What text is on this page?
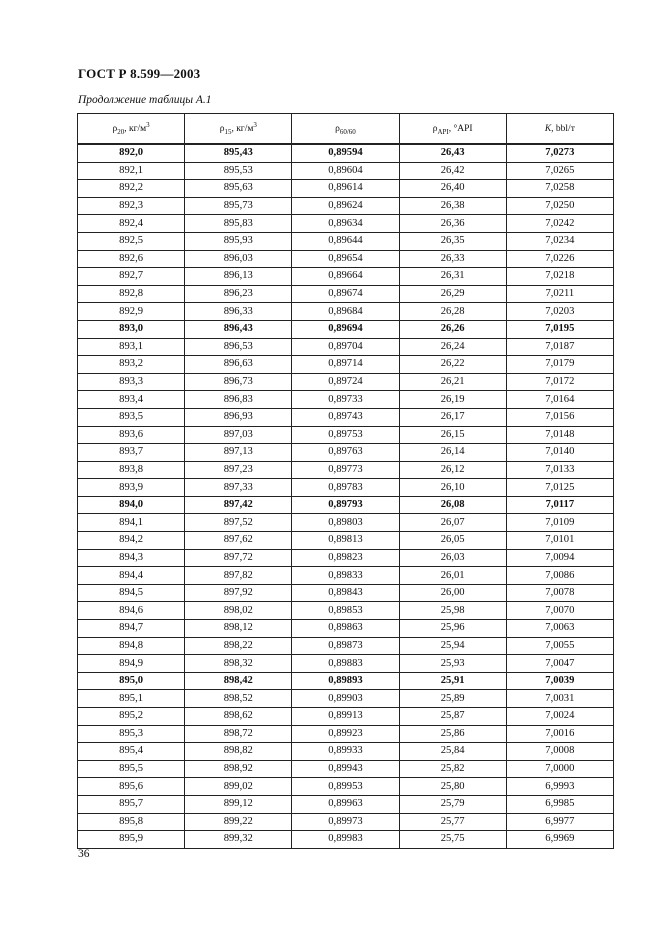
ГОСТ Р 8.599—2003
Продолжение таблицы А.1
$\rho_{20}$, $кг/м^3$	$\rho_{15}$, $кг/м^3$	$\rho_{60/60}$	$\rho_{API}$, °API	K, bbl/т
892,0	895,43	0,89594	26,43	7,0273
892,1	895,53	0,89604	26,42	7,0265
892,2	895,63	0,89614	26,40	7,0258
892,3	895,73	0,89624	26,38	7,0250
892,4	895,83	0,89634	26,36	7,0242
892,5	895,93	0,89644	26,35	7,0234
892,6	896,03	0,89654	26,33	7,0226
892,7	896,13	0,89664	26,31	7,0218
892,8	896,23	0,89674	26,29	7,0211
892,9	896,33	0,89684	26,28	7,0203
893,0	896,43	0,89694	26,26	7,0195
893,1	896,53	0,89704	26,24	7,0187
893,2	896,63	0,89714	26,22	7,0179
893,3	896,73	0,89724	26,21	7,0172
893,4	896,83	0,89733	26,19	7,0164
893,5	896,93	0,89743	26,17	7,0156
893,6	897,03	0,89753	26,15	7,0148
893,7	897,13	0,89763	26,14	7,0140
893,8	897,23	0,89773	26,12	7,0133
893,9	897,33	0,89783	26,10	7,0125
894,0	897,42	0,89793	26,08	7,0117
894,1	897,52	0,89803	26,07	7,0109
894,2	897,62	0,89813	26,05	7,0101
894,3	897,72	0,89823	26,03	7,0094
894,4	897,82	0,89833	26,01	7,0086
894,5	897,92	0,89843	26,00	7,0078
894,6	898,02	0,89853	25,98	7,0070
894,7	898,12	0,89863	25,96	7,0063
894,8	898,22	0,89873	25,94	7,0055
894,9	898,32	0,89883	25,93	7,0047
895,0	898,42	0,89893	25,91	7,0039
895,1	898,52	0,89903	25,89	7,0031
895,2	898,62	0,89913	25,87	7,0024
895,3	898,72	0,89923	25,86	7,0016
895,4	898,82	0,89933	25,84	7,0008
895,5	898,92	0,89943	25,82	7,0000
895,6	899,02	0,89953	25,80	6,9993
895,7	899,12	0,89963	25,79	6,9985
895,8	899,22	0,89973	25,77	6,9977
895,9	899,32	0,89983	25,75	6,9969
36
